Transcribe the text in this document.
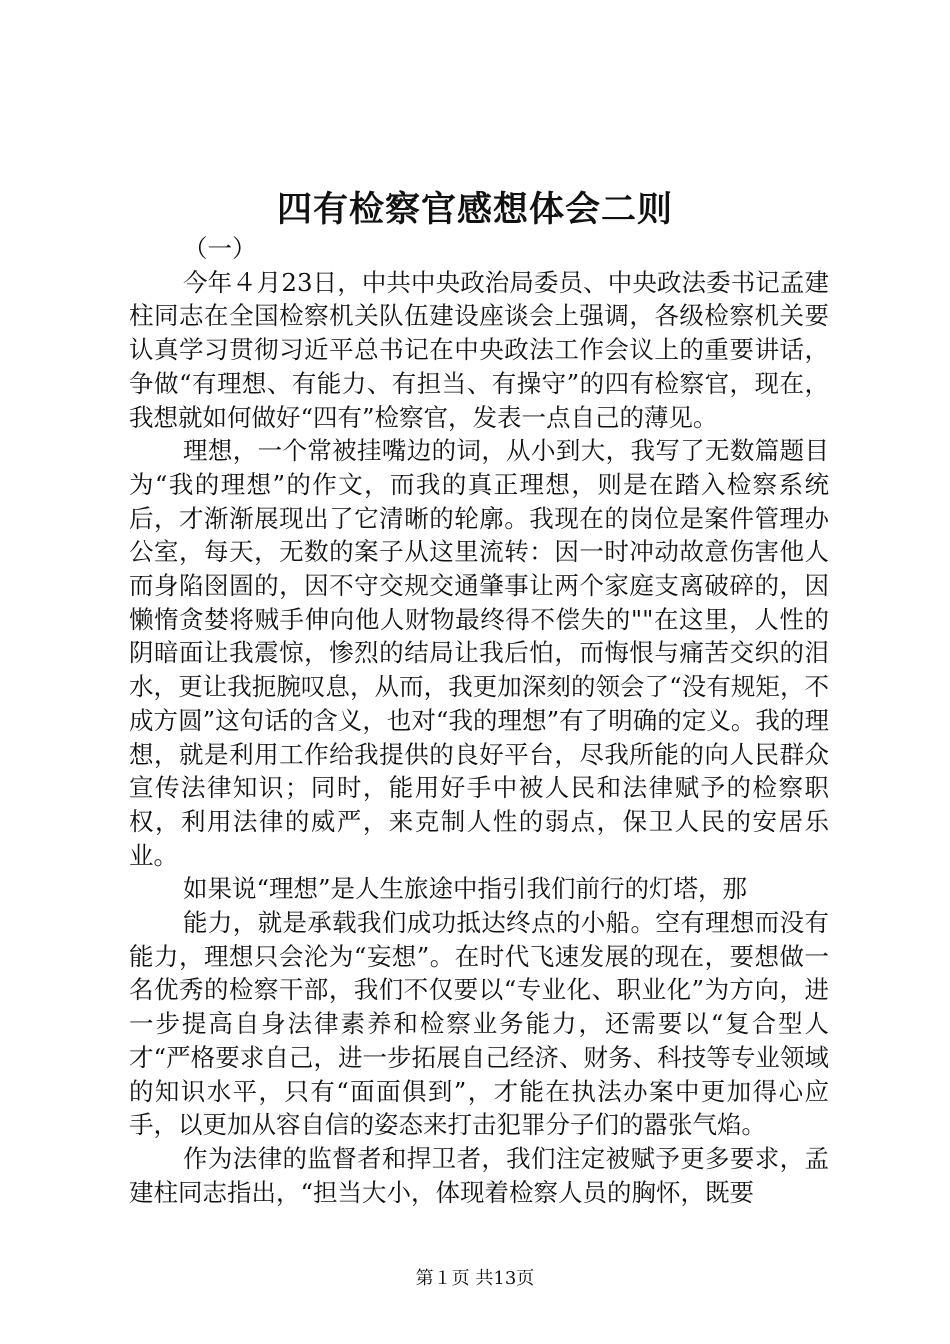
四有检察官感想体会二则

（一）

今年４月23日，中共中央政治局委员、中央政法委书记孟建柱同志在全国检察机关队伍建设座谈会上强调，各级检察机关要认真学习贯彻习近平总书记在中央政法工作会议上的重要讲话，争做“有理想、有能力、有担当、有操守”的四有检察官，现在，我想就如何做好“四有”检察官，发表一点自己的薄见。

理想，一个常被挂嘴边的词，从小到大，我写了无数篇题目为“我的理想”的作文，而我的真正理想，则是在踏入检察系统后，才渐渐展现出了它清晰的轮廓。我现在的岗位是案件管理办公室，每天，无数的案子从这里流转：因一时冲动故意伤害他人而身陷囹圄的，因不守交规交通肇事让两个家庭支离破碎的，因懒惰贪婪将贼手伸向他人财物最终得不偿失的""在这里，人性的阴暗面让我震惊，惨烈的结局让我后怕，而悔恨与痛苦交织的泪水，更让我扼腕叹息，从而，我更加深刻的领会了“没有规矩，不成方圆”这句话的含义，也对“我的理想”有了明确的定义。我的理想，就是利用工作给我提供的良好平台，尽我所能的向人民群众宣传法律知识；同时，能用好手中被人民和法律赋予的检察职权，利用法律的威严，来克制人性的弱点，保卫人民的安居乐业。

如果说“理想”是人生旅途中指引我们前行的灯塔，那

能力，就是承载我们成功抵达终点的小船。空有理想而没有能力，理想只会沦为“妄想”。在时代飞速发展的现在，要想做一名优秀的检察干部，我们不仅要以“专业化、职业化”为方向，进一步提高自身法律素养和检察业务能力，还需要以“复合型人才“严格要求自己，进一步拓展自己经济、财务、科技等专业领域的知识水平，只有“面面俱到”，才能在执法办案中更加得心应手，以更加从容自信的姿态来打击犯罪分子们的嚣张气焰。

作为法律的监督者和捍卫者，我们注定被赋予更多要求，孟建柱同志指出，“担当大小，体现着检察人员的胸怀，既要

第１页 共13页
